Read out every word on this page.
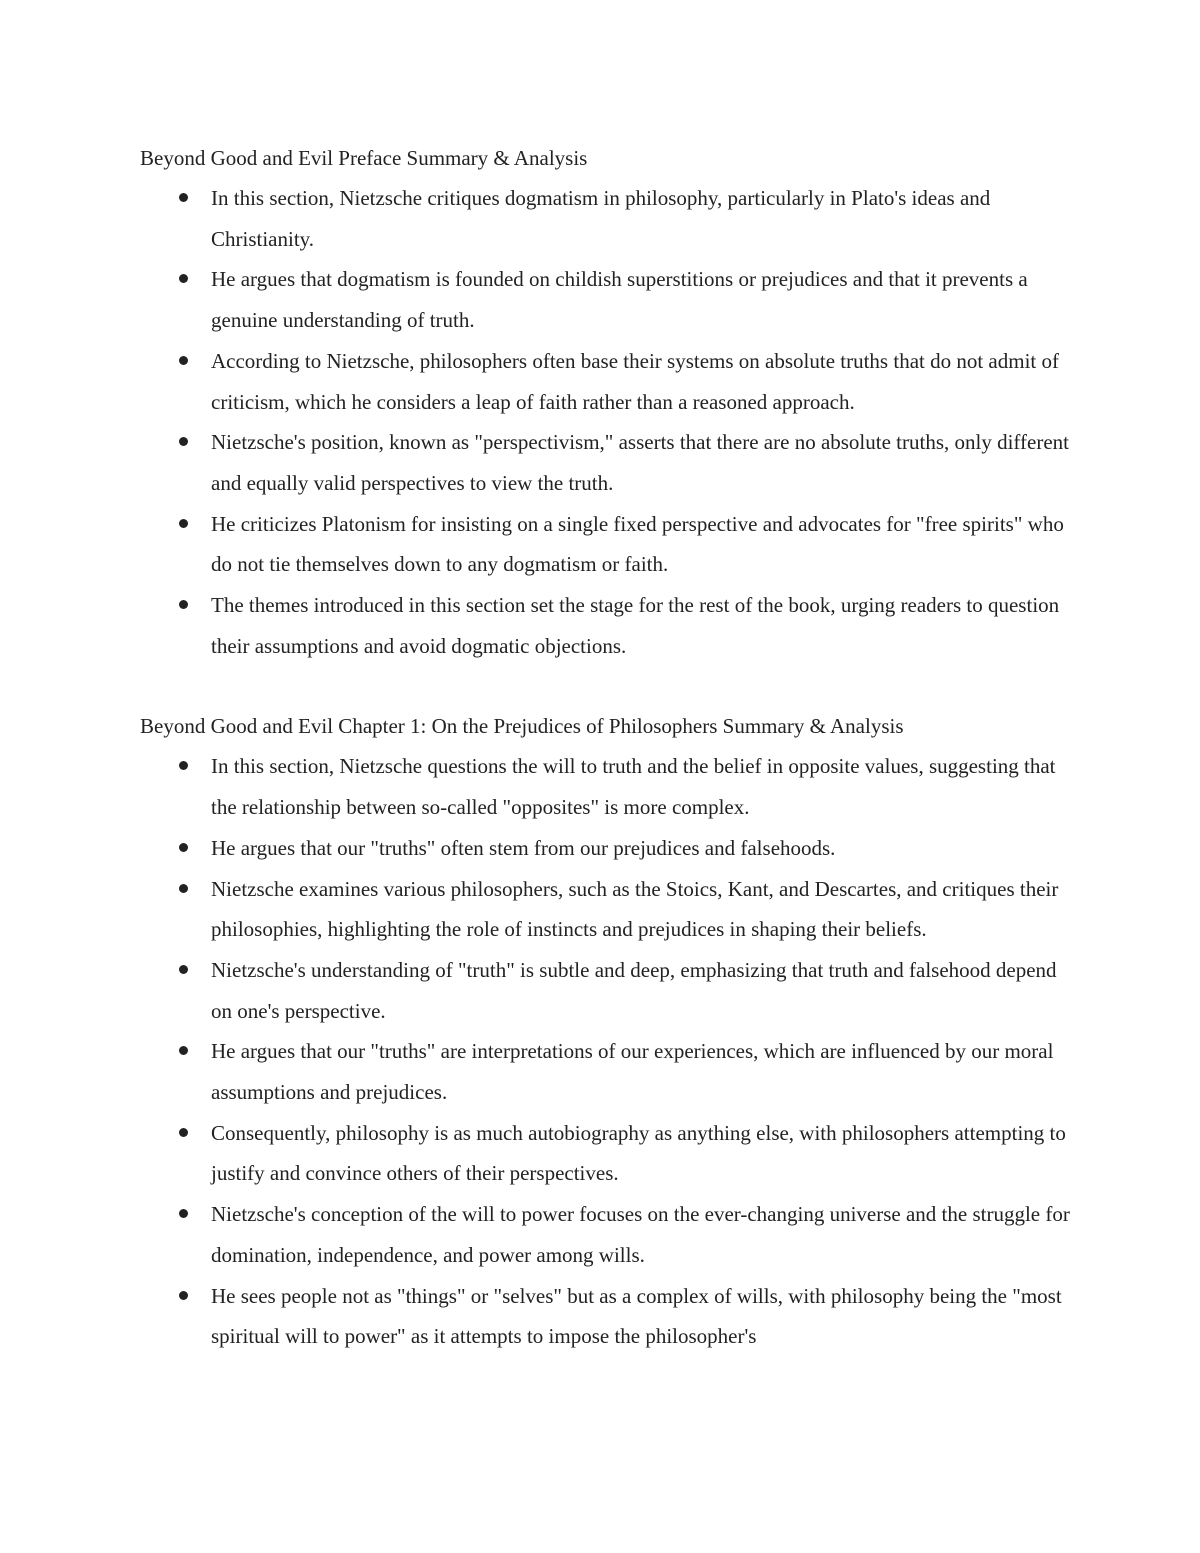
Beyond Good and Evil Preface Summary & Analysis

In this section, Nietzsche critiques dogmatism in philosophy, particularly in Plato's ideas and Christianity.
He argues that dogmatism is founded on childish superstitions or prejudices and that it prevents a genuine understanding of truth.
According to Nietzsche, philosophers often base their systems on absolute truths that do not admit of criticism, which he considers a leap of faith rather than a reasoned approach.
Nietzsche's position, known as "perspectivism," asserts that there are no absolute truths, only different and equally valid perspectives to view the truth.
He criticizes Platonism for insisting on a single fixed perspective and advocates for "free spirits" who do not tie themselves down to any dogmatism or faith.
The themes introduced in this section set the stage for the rest of the book, urging readers to question their assumptions and avoid dogmatic objections.

Beyond Good and Evil Chapter 1: On the Prejudices of Philosophers Summary & Analysis

In this section, Nietzsche questions the will to truth and the belief in opposite values, suggesting that the relationship between so-called "opposites" is more complex.
He argues that our "truths" often stem from our prejudices and falsehoods.
Nietzsche examines various philosophers, such as the Stoics, Kant, and Descartes, and critiques their philosophies, highlighting the role of instincts and prejudices in shaping their beliefs.
Nietzsche's understanding of "truth" is subtle and deep, emphasizing that truth and falsehood depend on one's perspective.
He argues that our "truths" are interpretations of our experiences, which are influenced by our moral assumptions and prejudices.
Consequently, philosophy is as much autobiography as anything else, with philosophers attempting to justify and convince others of their perspectives.
Nietzsche's conception of the will to power focuses on the ever-changing universe and the struggle for domination, independence, and power among wills.
He sees people not as "things" or "selves" but as a complex of wills, with philosophy being the "most spiritual will to power" as it attempts to impose the philosopher's
